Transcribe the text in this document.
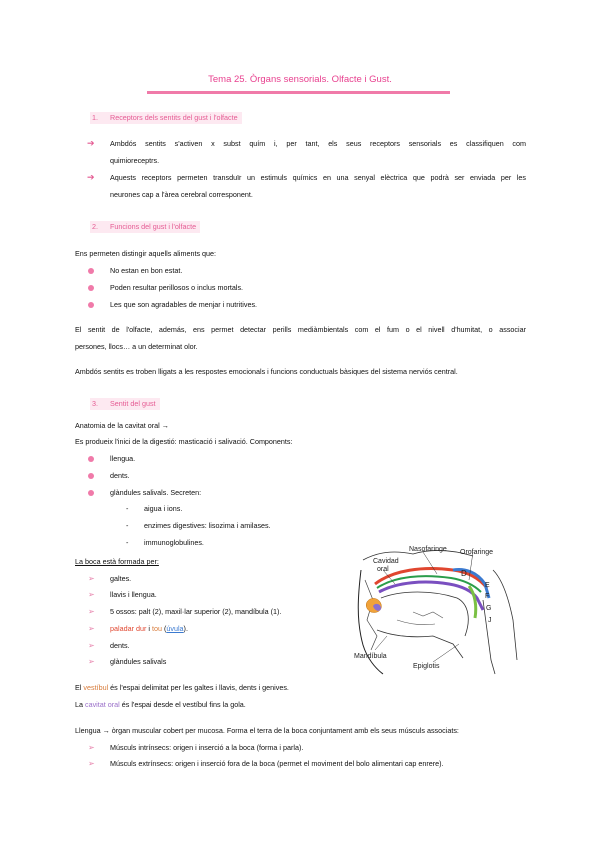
Tema 25. Òrgans sensorials. Olfacte i Gust.
1. Receptors dels sentits del gust i l'olfacte
➔ Ambdós sentits s'activen x subst quím i, per tant, els seus receptors sensorials es classifiquen com
quimioreceptrs.
➔ Aquests receptors permeten transduïr un estimuls químics en una senyal elèctrica que podrà ser enviada per les
neurones cap a l'àrea cerebral corresponent.
2. Funcions del gust i l'olfacte
Ens permeten distingir aquells aliments que:
No estan en bon estat.
Poden resultar perillosos o inclus mortals.
Les que son agradables de menjar i nutritives.
El sentit de l'olfacte, además, ens permet detectar perills mediàmbientals com el fum o el nivell d'humitat, o associar
persones, llocs… a un determinat olor.
Ambdós sentits es troben lligats a les respostes emocionals i funcions conductuals bàsiques del sistema nerviós central.
3. Sentit del gust
Anatomia de la cavitat oral →
Es produeix l'inici de la digestió: masticació i salivació. Components:
llengua.
dents.
glàndules salivals. Secreten:
- aigua i ions.
- enzimes digestives: lisozima i amilases.
- immunoglobulines.
La boca està formada per:
➢ galtes.
➢ llavis i llengua.
➢ 5 ossos: palt (2), maxil·lar superior (2), mandíbula (1).
➢ paladar dur i tou (úvula).
➢ dents.
➢ glàndules salivals
El vestíbul és l'espai delimitat per les galtes i llavis, dents i genives.
La cavitat oral és l'espai desde el vestíbul fins la gola.
Llengua → òrgan muscular cobert per mucosa. Forma el terra de la boca conjuntament amb els seus músculs associats:
➢ Músculs intrínsecs: origen i inserció a la boca (forma i parla).
➢ Músculs extrínsecs: origen i inserció fora de la boca (permet el moviment del bolo alimentari cap enrere).
Nasofaringe Orofaringe
Cavidad
oral	D
E
F
G
J
Mandíbula
Epiglotis
